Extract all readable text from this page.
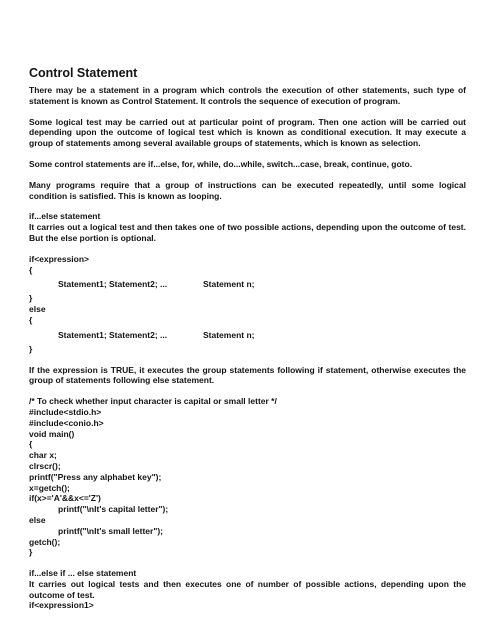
Control Statement

There may be a statement in a program which controls the execution of other statements, such type of statement is known as Control Statement. It controls the sequence of execution of program.

Some logical test may be carried out at particular point of program. Then one action will be carried out depending upon the outcome of logical test which is known as conditional execution. It may execute a group of statements among several available groups of statements, which is known as selection.

Some control statements are if...else, for, while, do...while, switch...case, break, continue, goto.

Many programs require that a group of instructions can be executed repeatedly, until some logical condition is satisfied. This is known as looping.

if...else statement

It carries out a logical test and then takes one of two possible actions, depending upon the outcome of test. But the else portion is optional.

if<expression>
{
Statement1; Statement2; ...	Statement n;
}
else
{
Statement1; Statement2; ...	Statement n;
}

If the expression is TRUE, it executes the group statements following if statement, otherwise executes the group of statements following else statement.

/* To check whether input character is capital or small letter */
#include<stdio.h>
#include<conio.h>
void main()
{
char x;
clrscr();
printf("Press any alphabet key");
x=getch();
if(x>='A'&&x<='Z')
printf("\nIt's capital letter");
else
printf("\nIt's small letter");
getch();
}
if...else if ... else statement

It carries out logical tests and then executes one of number of possible actions, depending upon the outcome of test.

if<expression1>
